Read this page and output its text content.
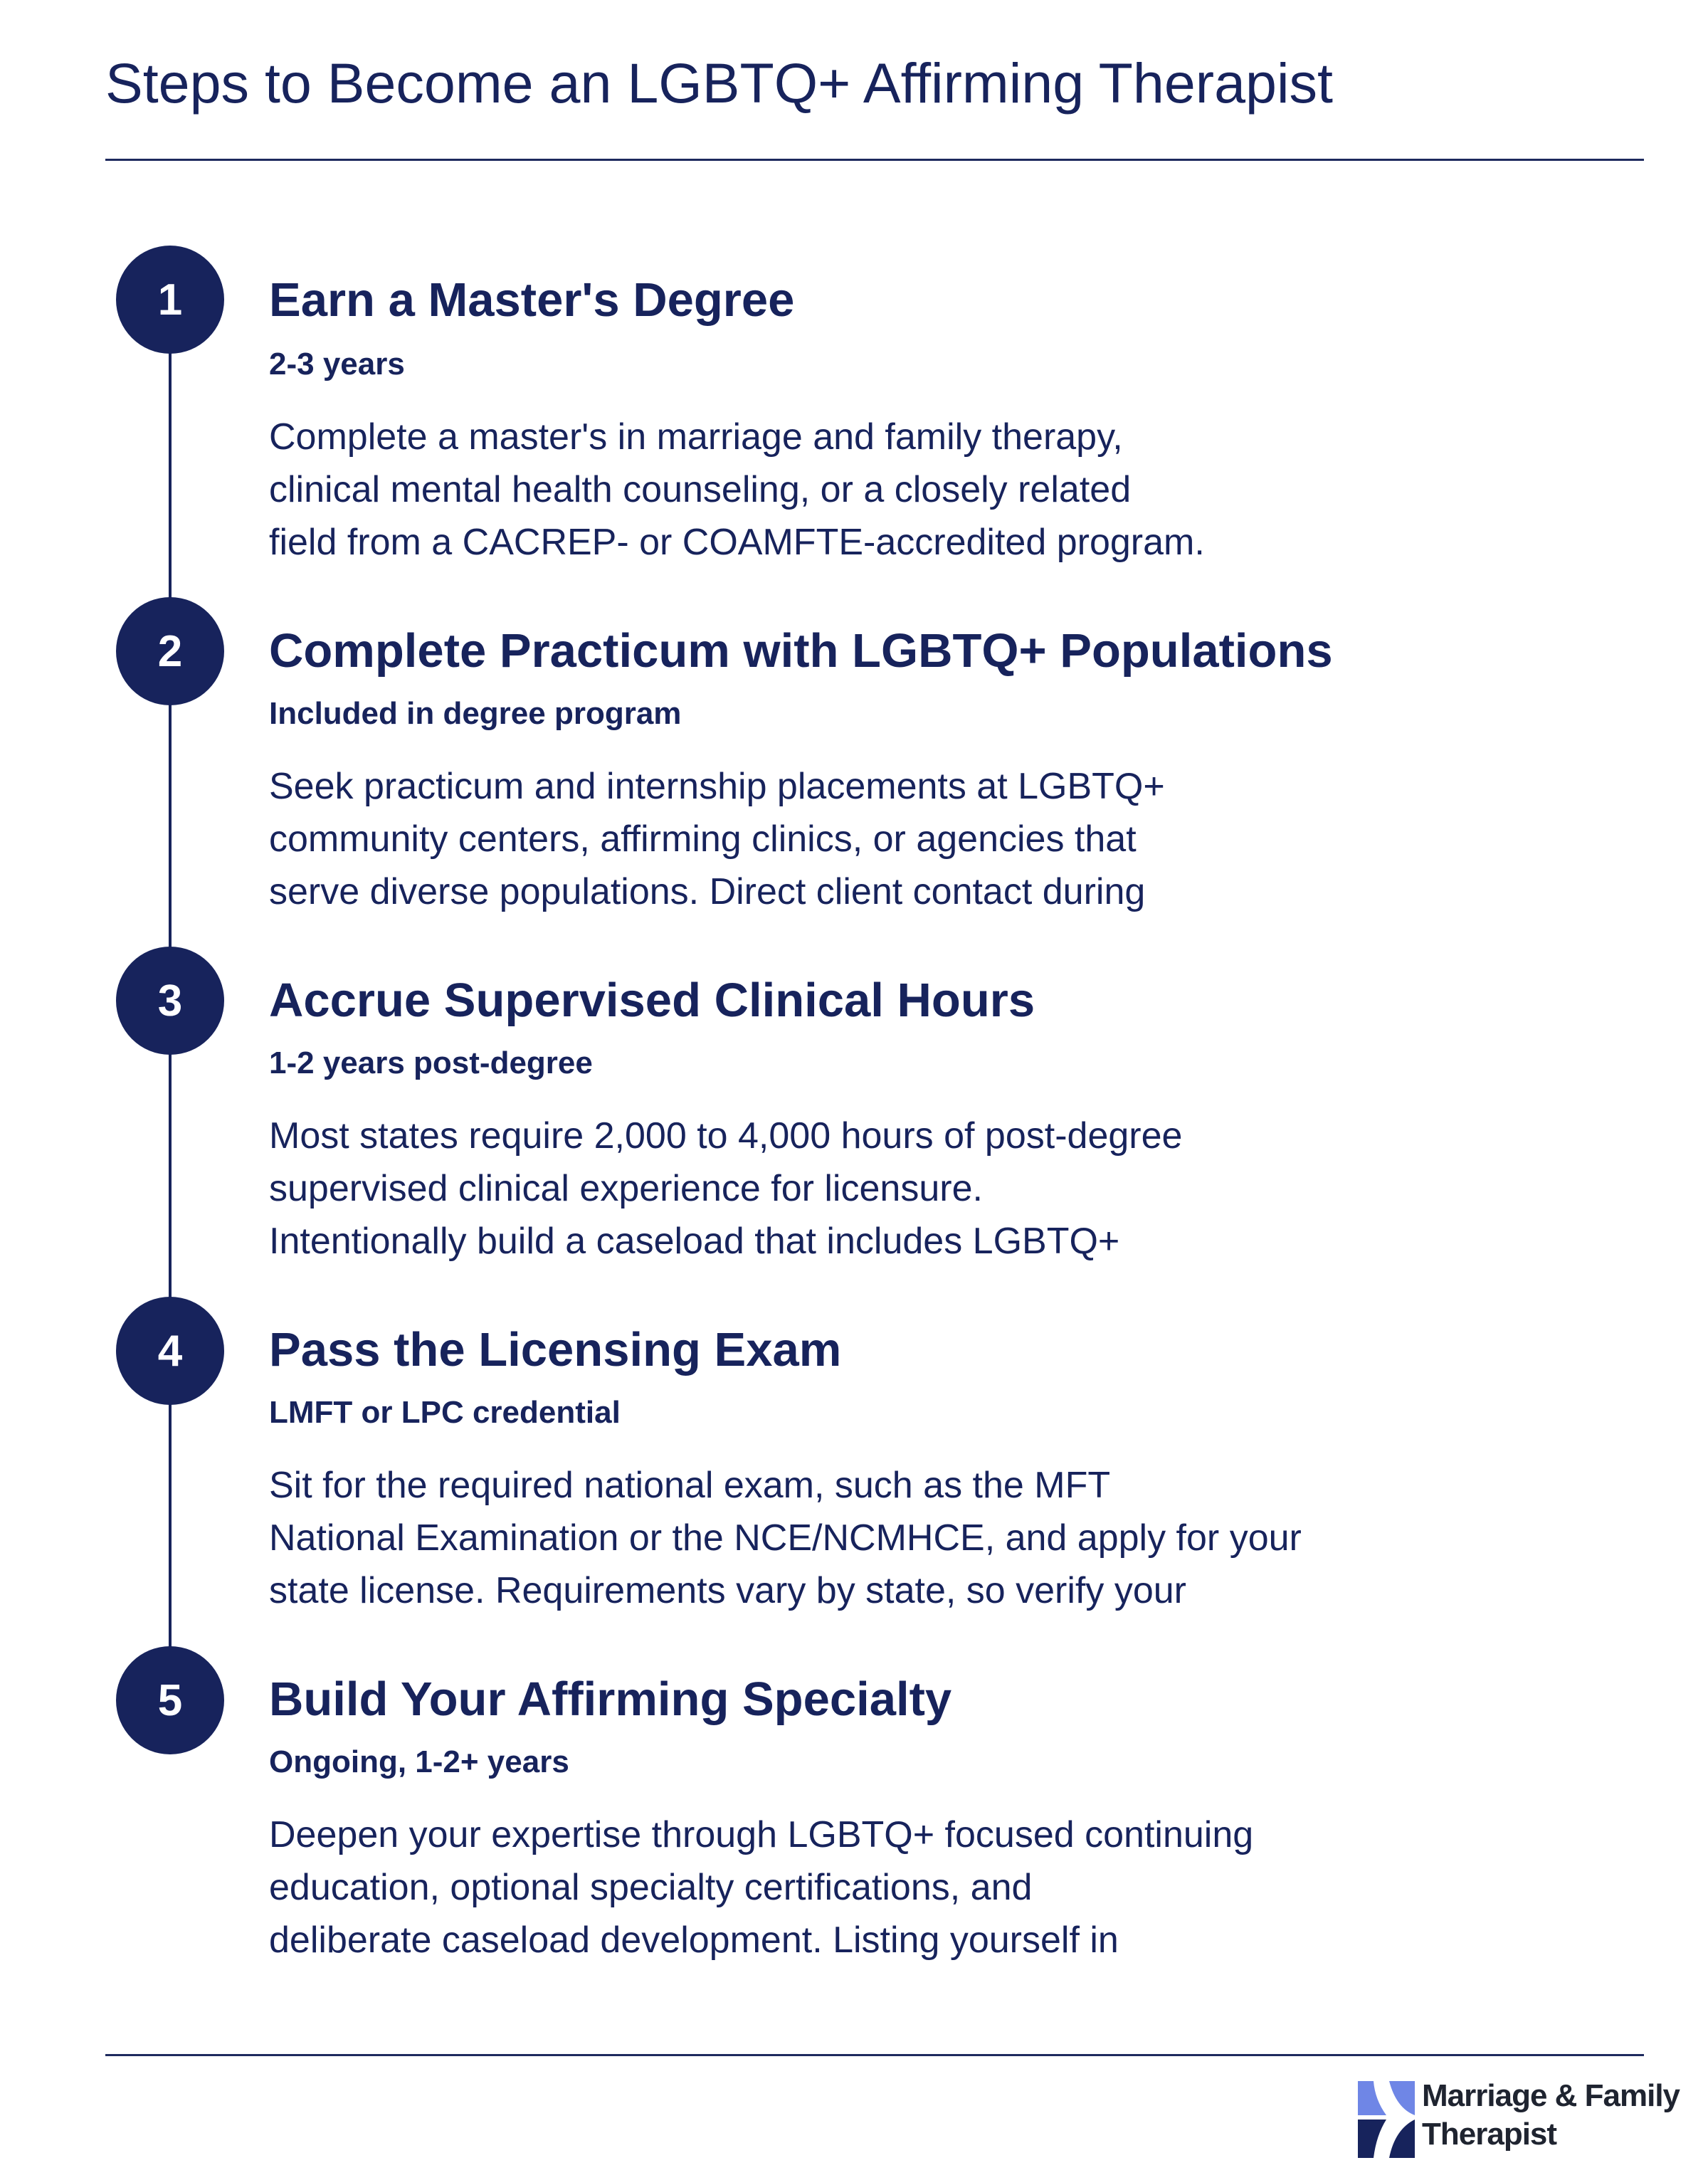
Steps to Become an LGBTQ+ Affirming Therapist
1	Earn a Master's Degree
2-3 years
Complete a master's in marriage and family therapy,
clinical mental health counseling, or a closely related
field from a CACREP- or COAMFTE-accredited program.
2	Complete Practicum with LGBTQ+ Populations
Included in degree program
Seek practicum and internship placements at LGBTQ+
community centers, affirming clinics, or agencies that
serve diverse populations. Direct client contact during
3	Accrue Supervised Clinical Hours
1-2 years post-degree
Most states require 2,000 to 4,000 hours of post-degree
supervised clinical experience for licensure.
Intentionally build a caseload that includes LGBTQ+
4	Pass the Licensing Exam
LMFT or LPC credential
Sit for the required national exam, such as the MFT
National Examination or the NCE/NCMHCE, and apply for your
state license. Requirements vary by state, so verify your
5	Build Your Affirming Specialty
Ongoing, 1-2+ years
Deepen your expertise through LGBTQ+ focused continuing
education, optional specialty certifications, and
deliberate caseload development. Listing yourself in
Marriage & Family
Therapist
